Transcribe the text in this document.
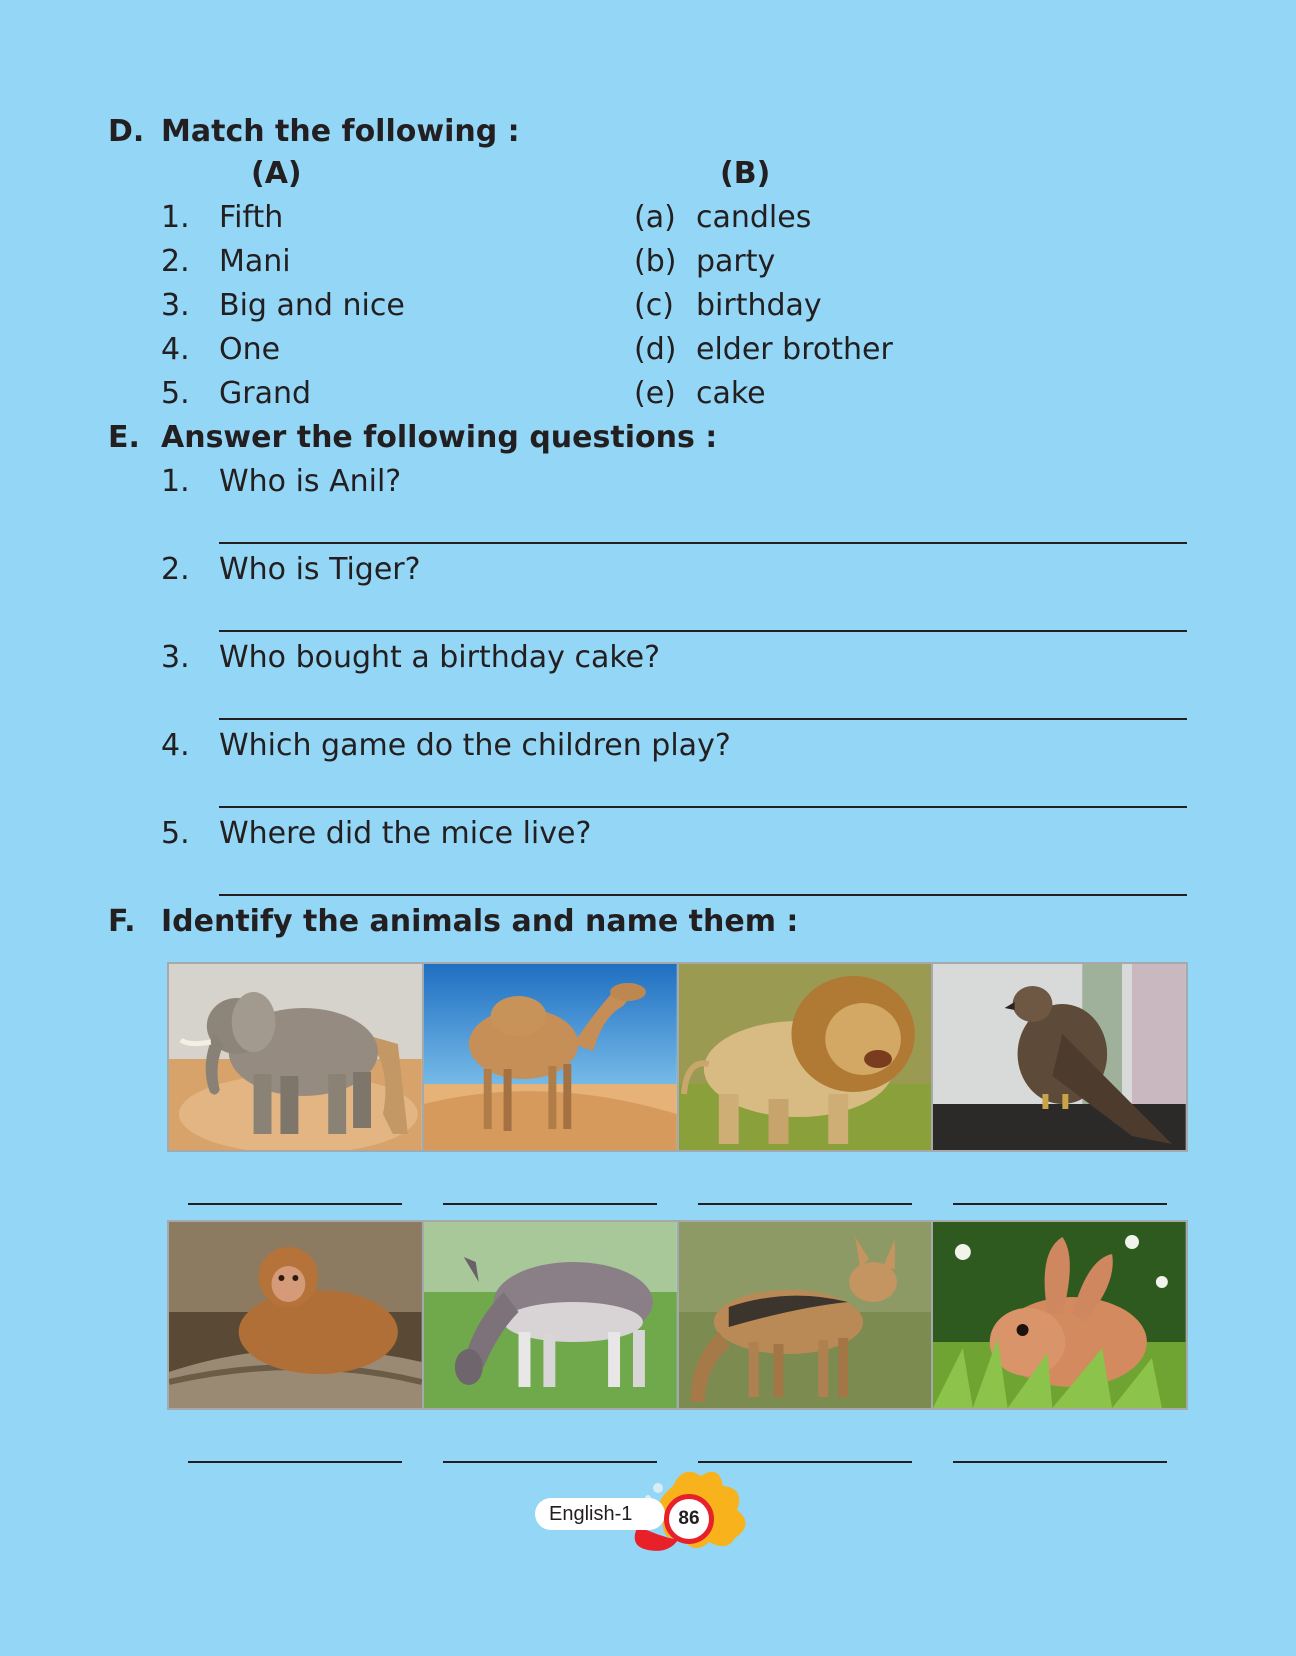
D. Match the following :
(A)	(B)
1. Fifth
2. Mani
3. Big and nice
4. One
5. Grand
(a) candles
(b) party
(c) birthday
(d) elder brother
(e) cake
E. Answer the following questions :
1. Who is Anil?
2. Who is Tiger?
3. Who bought a birthday cake?
4. Which game do the children play?
5. Where did the mice live?
F. Identify the animals and name them :
English-1	86
